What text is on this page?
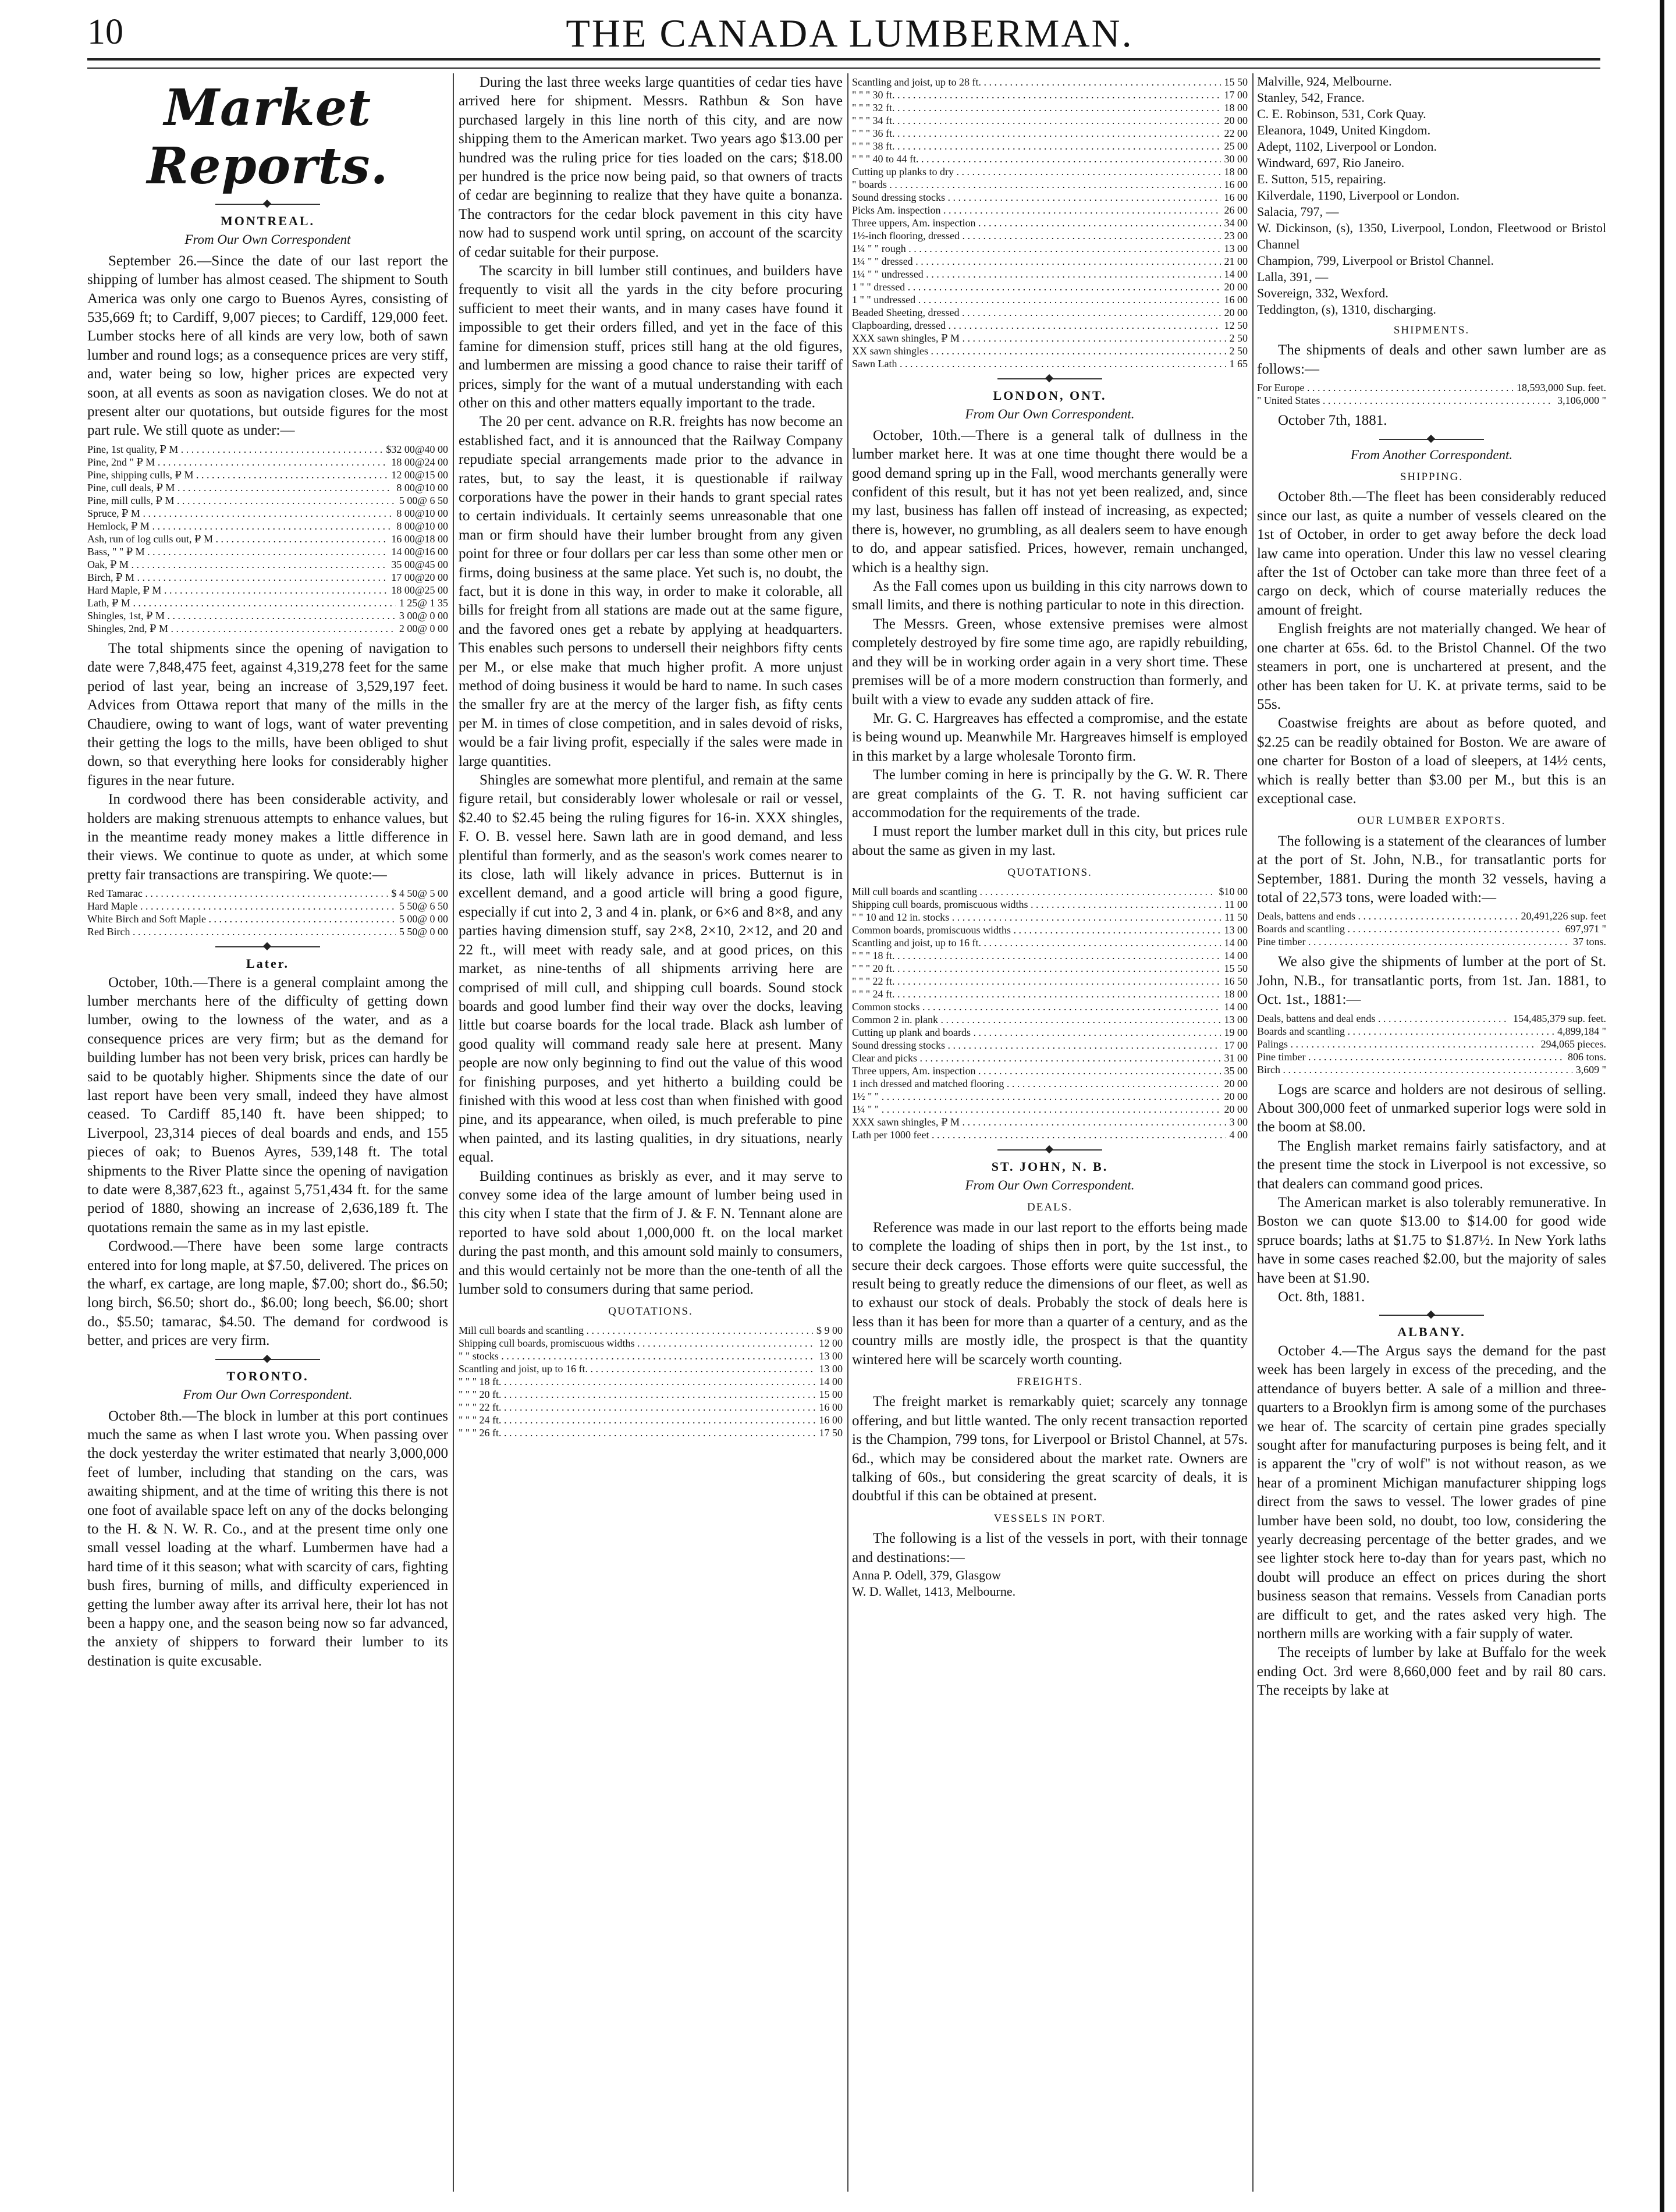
10	THE CANADA LUMBERMAN.
Market Reports.
MONTREAL.
From Our Own Correspondent

September 26.—Since the date of our last report the shipping of lumber has almost ceased. The shipment to South America was only one cargo to Buenos Ayres, consisting of 535,669 ft; to Cardiff, 9,007 pieces; to Cardiff, 129,000 feet. Lumber stocks here of all kinds are very low, both of sawn lumber and round logs; as a consequence prices are very stiff, and, water being so low, higher prices are expected very soon, at all events as soon as navigation closes. We do not at present alter our quotations, but outside figures for the most part rule. We still quote as under:—

Pine, 1st quality, ₽ M . . .	$32 00@40 00
Pine, 2nd " ₽ M . . .	18 00@24 00
Pine, shipping culls, ₽ M . . .	12 00@15 00
Pine, cull deals, ₽ M . . .	8 00@10 00
Pine, mill culls, ₽ M . . .	5 00@ 6 50
Spruce, ₽ M . . .	8 00@10 00
Hemlock, ₽ M . . .	8 00@10 00
Ash, run of log culls out, ₽ M . . .	16 00@18 00
Bass, " " ₽ M . . .	14 00@16 00
Oak, ₽ M . . .	35 00@45 00
Birch, ₽ M . . .	17 00@20 00
Hard Maple, ₽ M . . .	18 00@25 00
Lath, ₽ M . . .	1 25@ 1 35
Shingles, 1st, ₽ M . . .	3 00@ 0 00
Shingles, 2nd, ₽ M . . .	2 00@ 0 00

The total shipments since the opening of navigation to date were 7,848,475 feet, against 4,319,278 feet for the same period of last year, being an increase of 3,529,197 feet. Advices from Ottawa report that many of the mills in the Chaudiere, owing to want of logs, want of water preventing their getting the logs to the mills, have been obliged to shut down, so that everything here looks for considerably higher figures in the near future.

In cordwood there has been considerable activity, and holders are making strenuous attempts to enhance values, but in the meantime ready money makes a little difference in their views. We continue to quote as under, at which some pretty fair transactions are transpiring. We quote:—

Red Tamarac . . .	$ 4 50@ 5 00
Hard Maple . . .	5 50@ 6 50
White Birch and Soft Maple . . .	5 00@ 0 00
Red Birch . . .	5 50@ 0 00
Later.

October, 10th.—There is a general complaint among the lumber merchants here of the difficulty of getting down lumber, owing to the lowness of the water, and as a consequence prices are very firm; but as the demand for building lumber has not been very brisk, prices can hardly be said to be quotably higher. Shipments since the date of our last report have been very small, indeed they have almost ceased. To Cardiff 85,140 ft. have been shipped; to Liverpool, 23,314 pieces of deal boards and ends, and 155 pieces of oak; to Buenos Ayres, 539,148 ft. The total shipments to the River Platte since the opening of navigation to date were 8,387,623 ft., against 5,751,434 ft. for the same period of 1880, showing an increase of 2,636,189 ft. The quotations remain the same as in my last epistle.

Cordwood.—There have been some large contracts entered into for long maple, at $7.50, delivered. The prices on the wharf, ex cartage, are long maple, $7.00; short do., $6.50; long birch, $6.50; short do., $6.00; long beech, $6.00; short do., $5.50; tamarac, $4.50. The demand for cordwood is better, and prices are very firm.

TORONTO.
From Our Own Correspondent.

October 8th.—The block in lumber at this port continues much the same as when I last wrote you. When passing over the dock yesterday the writer estimated that nearly 3,000,000 feet of lumber, including that standing on the cars, was awaiting shipment, and at the time of writing this there is not one foot of available space left on any of the docks belonging to the H. & N. W. R. Co., and at the present time only one small vessel loading at the wharf. Lumbermen have had a hard time of it this season; what with scarcity of cars, fighting bush fires, burning of mills, and difficulty experienced in getting the lumber away after its arrival here, their lot has not been a happy one, and the season being now so far advanced, the anxiety of shippers to forward their lumber to its destination is quite excusable.

During the last three weeks large quantities of cedar ties have arrived here for shipment. Messrs. Rathbun & Son have purchased largely in this line north of this city, and are now shipping them to the American market. Two years ago $13.00 per hundred was the ruling price for ties loaded on the cars; $18.00 per hundred is the price now being paid, so that owners of tracts of cedar are beginning to realize that they have quite a bonanza. The contractors for the cedar block pavement in this city have now had to suspend work until spring, on account of the scarcity of cedar suitable for their purpose.

The scarcity in bill lumber still continues, and builders have frequently to visit all the yards in the city before procuring sufficient to meet their wants, and in many cases have found it impossible to get their orders filled, and yet in the face of this famine for dimension stuff, prices still hang at the old figures, and lumbermen are missing a good chance to raise their tariff of prices, simply for the want of a mutual understanding with each other on this and other matters equally important to the trade.

The 20 per cent. advance on R.R. freights has now become an established fact, and it is announced that the Railway Company repudiate special arrangements made prior to the advance in rates, but, to say the least, it is questionable if railway corporations have the power in their hands to grant special rates to certain individuals. It certainly seems unreasonable that one man or firm should have their lumber brought from any given point for three or four dollars per car less than some other men or firms, doing business at the same place. Yet such is, no doubt, the fact, but it is done in this way, in order to make it colorable, all bills for freight from all stations are made out at the same figure, and the favored ones get a rebate by applying at headquarters. This enables such persons to undersell their neighbors fifty cents per M., or else make that much higher profit. A more unjust method of doing business it would be hard to name. In such cases the smaller fry are at the mercy of the larger fish, as fifty cents per M. in times of close competition, and in sales devoid of risks, would be a fair living profit, especially if the sales were made in large quantities.

Shingles are somewhat more plentiful, and remain at the same figure retail, but considerably lower wholesale or rail or vessel, $2.40 to $2.45 being the ruling figures for 16-in. XXX shingles, F. O. B. vessel here. Sawn lath are in good demand, and less plentiful than formerly, and as the season's work comes nearer to its close, lath will likely advance in prices. Butternut is in excellent demand, and a good article will bring a good figure, especially if cut into 2, 3 and 4 in. plank, or 6×6 and 8×8, and any parties having dimension stuff, say 2×8, 2×10, 2×12, and 20 and 22 ft., will meet with ready sale, and at good prices, on this market, as nine-tenths of all shipments arriving here are comprised of mill cull, and shipping cull boards. Sound stock boards and good lumber find their way over the docks, leaving little but coarse boards for the local trade. Black ash lumber of good quality will command ready sale here at present. Many people are now only beginning to find out the value of this wood for finishing purposes, and yet hitherto a building could be finished with this wood at less cost than when finished with good pine, and its appearance, when oiled, is much preferable to pine when painted, and its lasting qualities, in dry situations, nearly equal.

Building continues as briskly as ever, and it may serve to convey some idea of the large amount of lumber being used in this city when I state that the firm of J. & F. N. Tennant alone are reported to have sold about 1,000,000 ft. on the local market during the past month, and this amount sold mainly to consumers, and this would certainly not be more than the one-tenth of all the lumber sold to consumers during that same period.

QUOTATIONS.
Mill cull boards and scantling . . .	$ 9 00
Shipping cull boards, promiscuous widths . . .	12 00
" " stocks . . .	13 00
Scantling and joist, up to 16 ft. . . .	13 00
" " " 18 ft. . . .	14 00
" " " 20 ft. . . .	15 00
" " " 22 ft. . . .	16 00
" " " 24 ft. . . .	16 00
" " " 26 ft. . . .	17 50
Scantling and joist, up to 28 ft. . . .	15 50
" " " 30 ft. . . .	17 00
" " " 32 ft. . . .	18 00
" " " 34 ft. . . .	20 00
" " " 36 ft. . . .	22 00
" " " 38 ft. . . .	25 00
" " " 40 to 44 ft. . . .	30 00
Cutting up planks to dry . . .	18 00
" boards . . .	16 00
Sound dressing stocks . . .	16 00
Picks Am. inspection . . .	26 00
Three uppers, Am. inspection . . .	34 00
1½-inch flooring, dressed . . .	23 00
1¼ " " rough . . .	13 00
1¼ " " dressed . . .	21 00
1¼ " " undressed . . .	14 00
1 " " dressed . . .	20 00
1 " " undressed . . .	16 00
Beaded Sheeting, dressed . . .	20 00
Clapboarding, dressed . . .	12 50
XXX sawn shingles, ₽ M . . .	2 50
XX sawn shingles . . .	2 50
Sawn Lath . . .	1 65
LONDON, ONT.
From Our Own Correspondent.

October, 10th.—There is a general talk of dullness in the lumber market here. It was at one time thought there would be a good demand spring up in the Fall, wood merchants generally were confident of this result, but it has not yet been realized, and, since my last, business has fallen off instead of increasing, as expected; there is, however, no grumbling, as all dealers seem to have enough to do, and appear satisfied. Prices, however, remain unchanged, which is a healthy sign.

As the Fall comes upon us building in this city narrows down to small limits, and there is nothing particular to note in this direction.

The Messrs. Green, whose extensive premises were almost completely destroyed by fire some time ago, are rapidly rebuilding, and they will be in working order again in a very short time. These premises will be of a more modern construction than formerly, and built with a view to evade any sudden attack of fire.

Mr. G. C. Hargreaves has effected a compromise, and the estate is being wound up. Meanwhile Mr. Hargreaves himself is employed in this market by a large wholesale Toronto firm.

The lumber coming in here is principally by the G. W. R. There are great complaints of the G. T. R. not having sufficient car accommodation for the requirements of the trade.

I must report the lumber market dull in this city, but prices rule about the same as given in my last.

QUOTATIONS.
Mill cull boards and scantling . . .	$10 00
Shipping cull boards, promiscuous widths . . .	11 00
" " 10 and 12 in. stocks . . .	11 50
Common boards, promiscuous widths . . .	13 00
Scantling and joist, up to 16 ft. . . .	14 00
" " " 18 ft. . . .	14 00
" " " 20 ft. . . .	15 50
" " " 22 ft. . . .	16 50
" " " 24 ft. . . .	18 00
Common stocks . . .	14 00
Common 2 in. plank . . .	13 00
Cutting up plank and boards . . .	19 00
Sound dressing stocks . . .	17 00
Clear and picks . . .	31 00
Three uppers, Am. inspection . . .	35 00
1 inch dressed and matched flooring . . .	20 00
1½ " " . . .	20 00
1¼ " " . . .	20 00
XXX sawn shingles, ₽ M . . .	3 00
Lath per 1000 feet . . .	4 00
ST. JOHN, N. B.
From Our Own Correspondent.
DEALS.

Reference was made in our last report to the efforts being made to complete the loading of ships then in port, by the 1st inst., to secure their deck cargoes. Those efforts were quite successful, the result being to greatly reduce the dimensions of our fleet, as well as to exhaust our stock of deals. Probably the stock of deals here is less than it has been for more than a quarter of a century, and as the country mills are mostly idle, the prospect is that the quantity wintered here will be scarcely worth counting.

FREIGHTS.

The freight market is remarkably quiet; scarcely any tonnage offering, and but little wanted. The only recent transaction reported is the Champion, 799 tons, for Liverpool or Bristol Channel, at 57s. 6d., which may be considered about the market rate. Owners are talking of 60s., but considering the great scarcity of deals, it is doubtful if this can be obtained at present.

VESSELS IN PORT.

The following is a list of the vessels in port, with their tonnage and destinations:—

Anna P. Odell, 379, Glasgow
W. D. Wallet, 1413, Melbourne.
Malville, 924, Melbourne.
Stanley, 542, France.
C. E. Robinson, 531, Cork Quay.
Eleanora, 1049, United Kingdom.
Adept, 1102, Liverpool or London.
Windward, 697, Rio Janeiro.
E. Sutton, 515, repairing.
Kilverdale, 1190, Liverpool or London.
Salacia, 797, —
W. Dickinson, (s), 1350, Liverpool, London, Fleetwood or Bristol Channel
Champion, 799, Liverpool or Bristol Channel.
Lalla, 391, —
Sovereign, 332, Wexford.
Teddington, (s), 1310, discharging.
SHIPMENTS.

The shipments of deals and other sawn lumber are as follows:—

For Europe . . .	18,593,000 Sup. feet.
" United States . . .	3,106,000 "

October 7th, 1881.

From Another Correspondent.
SHIPPING.

October 8th.—The fleet has been considerably reduced since our last, as quite a number of vessels cleared on the 1st of October, in order to get away before the deck load law came into operation. Under this law no vessel clearing after the 1st of October can take more than three feet of a cargo on deck, which of course materially reduces the amount of freight.

English freights are not materially changed. We hear of one charter at 65s. 6d. to the Bristol Channel. Of the two steamers in port, one is unchartered at present, and the other has been taken for U. K. at private terms, said to be 55s.

Coastwise freights are about as before quoted, and $2.25 can be readily obtained for Boston. We are aware of one charter for Boston of a load of sleepers, at 14½ cents, which is really better than $3.00 per M., but this is an exceptional case.

OUR LUMBER EXPORTS.

The following is a statement of the clearances of lumber at the port of St. John, N.B., for transatlantic ports for September, 1881. During the month 32 vessels, having a total of 22,573 tons, were loaded with:—

Deals, battens and ends . . .	20,491,226 sup. feet
Boards and scantling . . .	697,971 "
Pine timber . . .	37 tons.

We also give the shipments of lumber at the port of St. John, N.B., for transatlantic ports, from 1st. Jan. 1881, to Oct. 1st., 1881:—

Deals, battens and deal ends . . .	154,485,379 sup. feet.
Boards and scantling . . .	4,899,184 "
Palings . . .	294,065 pieces.
Pine timber . . .	806 tons.
Birch . . .	3,609 "

Logs are scarce and holders are not desirous of selling. About 300,000 feet of unmarked superior logs were sold in the boom at $8.00.

The English market remains fairly satisfactory, and at the present time the stock in Liverpool is not excessive, so that dealers can command good prices.

The American market is also tolerably remunerative. In Boston we can quote $13.00 to $14.00 for good wide spruce boards; laths at $1.75 to $1.87½. In New York laths have in some cases reached $2.00, but the majority of sales have been at $1.90.

Oct. 8th, 1881.

ALBANY.

October 4.—The Argus says the demand for the past week has been largely in excess of the preceding, and the attendance of buyers better. A sale of a million and three-quarters to a Brooklyn firm is among some of the purchases we hear of. The scarcity of certain pine grades specially sought after for manufacturing purposes is being felt, and it is apparent the "cry of wolf" is not without reason, as we hear of a prominent Michigan manufacturer shipping logs direct from the saws to vessel. The lower grades of pine lumber have been sold, no doubt, too low, considering the yearly decreasing percentage of the better grades, and we see lighter stock here to-day than for years past, which no doubt will produce an effect on prices during the short business season that remains. Vessels from Canadian ports are difficult to get, and the rates asked very high. The northern mills are working with a fair supply of water.

The receipts of lumber by lake at Buffalo for the week ending Oct. 3rd were 8,660,000 feet and by rail 80 cars. The receipts by lake at
